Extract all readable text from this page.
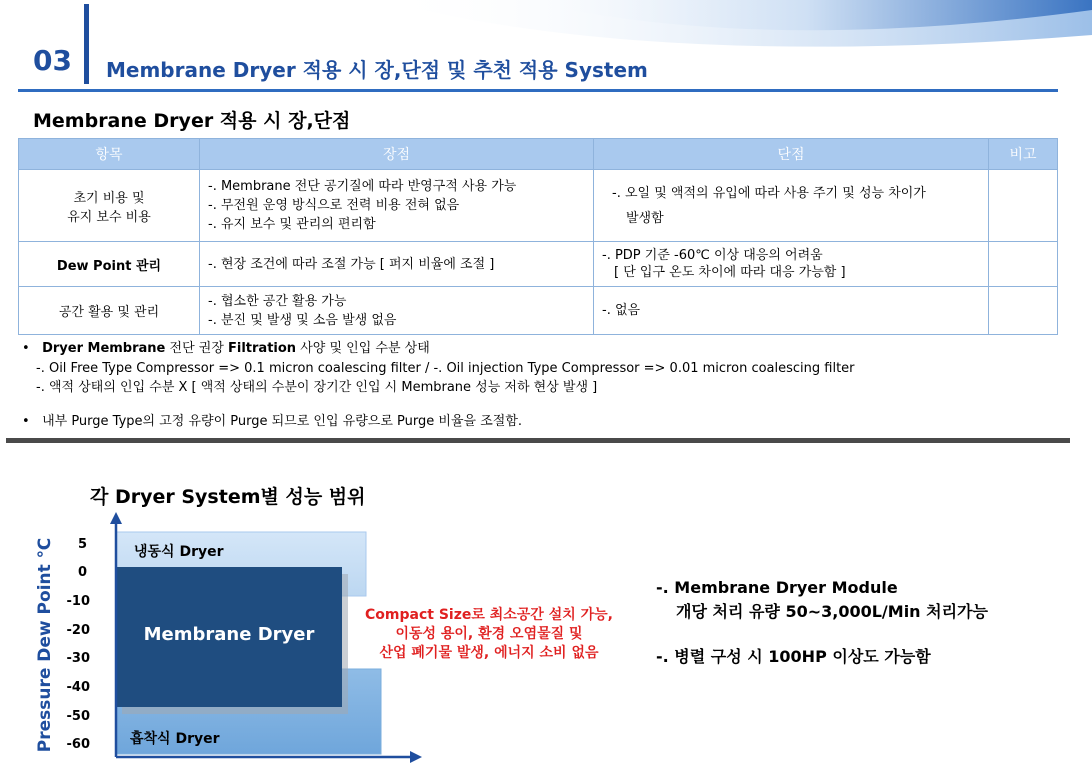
03 Membrane Dryer 적용 시 장,단점 및 추천 적용 System
Membrane Dryer 적용 시 장,단점
항목	장점	단점	비고

초기 비용 및
유지 보수 비용	-. Membrane 전단 공기질에 따라 반영구적 사용 가능
-. 무전원 운영 방식으로 전력 비용 전혀 없음
-. 유지 보수 및 관리의 편리함	-. 오일 및 액적의 유입에 따라 사용 주기 및 성능 차이가
발생함	

Dew Point 관리	-. 현장 조건에 따라 조절 가능 [ 퍼지 비율에 조절 ]	-. PDP 기준 -60℃ 이상 대응의 어려움
[ 단 입구 온도 차이에 따라 대응 가능함 ]	

공간 활용 및 관리	-. 협소한 공간 활용 가능
-. 분진 및 발생 및 소음 발생 없음	-. 없음	

• Dryer Membrane 전단 권장 Filtration 사양 및 인입 수분 상태
-. Oil Free Type Compressor => 0.1 micron coalescing filter / -. Oil injection Type Compressor => 0.01 micron coalescing filter
-. 액적 상태의 인입 수분 X [ 액적 상태의 수분이 장기간 인입 시 Membrane 성능 저하 현상 발생 ]
• 내부 Purge Type의 고정 유량이 Purge 되므로 인입 유량으로 Purge 비율을 조절함.
각 Dryer System별 성능 범위
Pressure Dew Point ℃ 5
0
-10
-20
-30
-40
-50
-60
냉동식 Dryer
흡착식 Dryer
Membrane Dryer
Compact Size로 최소공간 설치 가능,
이동성 용이, 환경 오염물질 및
산업 폐기물 발생, 에너지 소비 없음
-. Membrane Dryer Module
개당 처리 유량 50~3,000L/Min 처리가능
-. 병렬 구성 시 100HP 이상도 가능함
